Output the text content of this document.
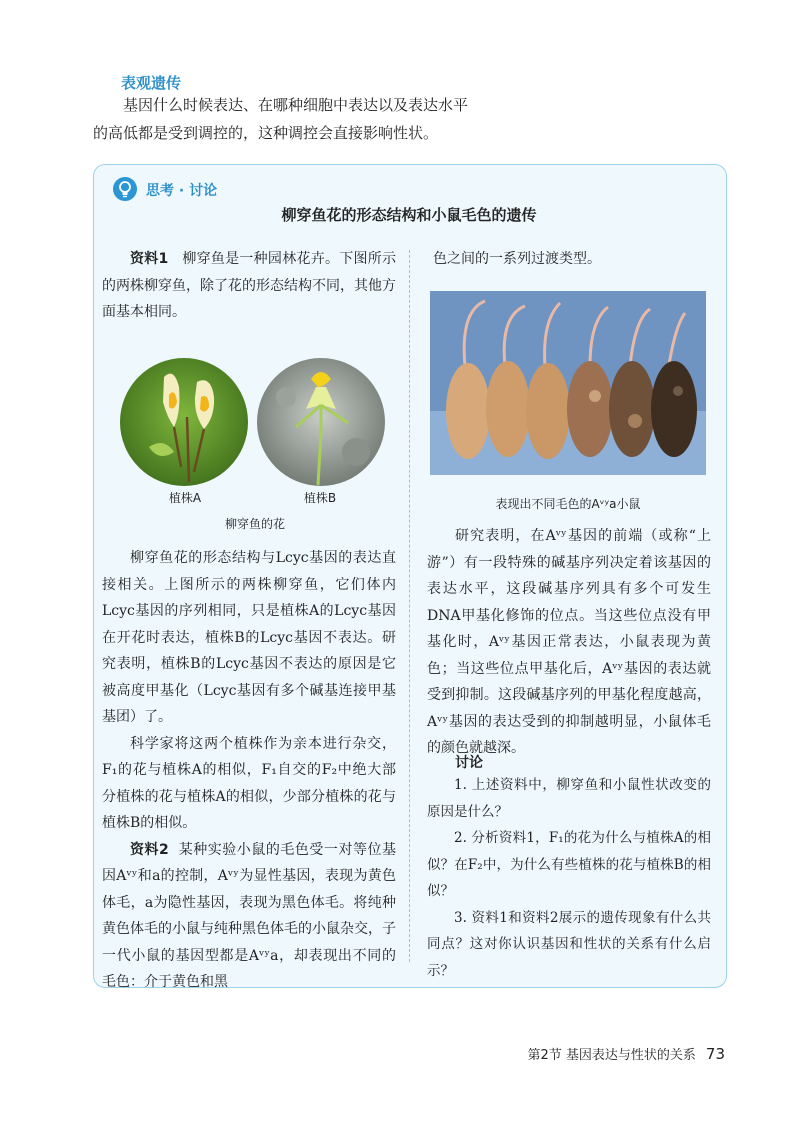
表观遗传
基因什么时候表达、在哪种细胞中表达以及表达水平
的高低都是受到调控的，这种调控会直接影响性状。
思考 · 讨论
柳穿鱼花的形态结构和小鼠毛色的遗传

资料1 柳穿鱼是一种园林花卉。下图所示的两株柳穿鱼，除了花的形态结构不同，其他方面基本相同。

植株A	植株B
柳穿鱼的花

柳穿鱼花的形态结构与Lcyc基因的表达直接相关。上图所示的两株柳穿鱼，它们体内Lcyc基因的序列相同，只是植株A的Lcyc基因在开花时表达，植株B的Lcyc基因不表达。研究表明，植株B的Lcyc基因不表达的原因是它被高度甲基化（Lcyc基因有多个碱基连接甲基基团）了。

科学家将这两个植株作为亲本进行杂交，F₁的花与植株A的相似，F₁自交的F₂中绝大部分植株的花与植株A的相似，少部分植株的花与植株B的相似。

资料2 某种实验小鼠的毛色受一对等位基因Aᵛʸ和a的控制，Aᵛʸ为显性基因，表现为黄色体毛，a为隐性基因，表现为黑色体毛。将纯种黄色体毛的小鼠与纯种黑色体毛的小鼠杂交，子一代小鼠的基因型都是Aᵛʸa，却表现出不同的毛色：介于黄色和黑

色之间的一系列过渡类型。
表现出不同毛色的Aᵛʸa小鼠

研究表明，在Aᵛʸ基因的前端（或称“上游”）有一段特殊的碱基序列决定着该基因的表达水平，这段碱基序列具有多个可发生DNA甲基化修饰的位点。当这些位点没有甲基化时，Aᵛʸ基因正常表达，小鼠表现为黄色；当这些位点甲基化后，Aᵛʸ基因的表达就受到抑制。这段碱基序列的甲基化程度越高，Aᵛʸ基因的表达受到的抑制越明显，小鼠体毛的颜色就越深。

讨论

1. 上述资料中，柳穿鱼和小鼠性状改变的原因是什么？

2. 分析资料1，F₁的花为什么与植株A的相似？在F₂中，为什么有些植株的花与植株B的相似？

3. 资料1和资料2展示的遗传现象有什么共同点？这对你认识基因和性状的关系有什么启示？

第2节 基因表达与性状的关系 73
